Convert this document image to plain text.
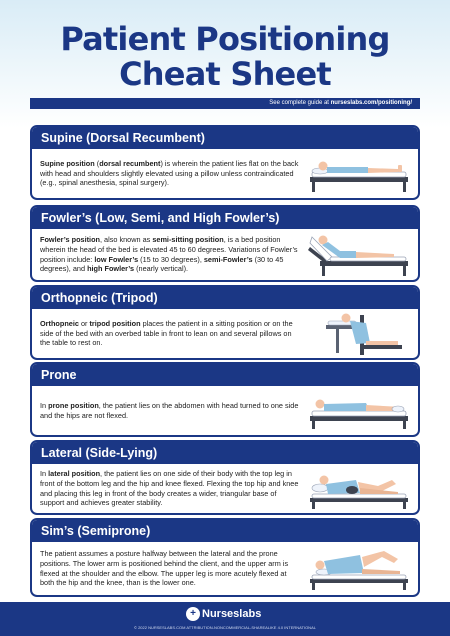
Patient Positioning
Cheat Sheet
See complete guide at nurseslabs.com/positioning/
Supine (Dorsal Recumbent)
Supine position (dorsal recumbent) is wherein the patient lies flat on the back with head and shoulders slightly elevated using a pillow unless contraindicated (e.g., spinal anesthesia, spinal surgery).
Fowler’s (Low, Semi, and High Fowler’s)
Fowler’s position, also known as semi-sitting position, is a bed position wherein the head of the bed is elevated 45 to 60 degrees. Variations of Fowler’s position include: low Fowler’s (15 to 30 degrees), semi-Fowler’s (30 to 45 degrees), and high Fowler’s (nearly vertical).
Orthopneic (Tripod)
Orthopneic or tripod position places the patient in a sitting position or on the side of the bed with an overbed table in front to lean on and several pillows on the table to rest on.
Prone
In prone position, the patient lies on the abdomen with head turned to one side and the hips are not flexed.
Lateral (Side-Lying)
In lateral position, the patient lies on one side of their body with the top leg in front of the bottom leg and the hip and knee flexed. Flexing the top hip and knee and placing this leg in front of the body creates a wider, triangular base of support and achieves greater stability.
Sim’s (Semiprone)
The patient assumes a posture halfway between the lateral and the prone positions. The lower arm is positioned behind the client, and the upper arm is flexed at the shoulder and the elbow. The upper leg is more acutely flexed at both the hip and the knee, than is the lower one.
+ Nurseslabs
© 2022 NURSESLABS.COM ATTRIBUTION-NONCOMMERCIAL-SHAREALIKE 4.0 INTERNATIONAL
